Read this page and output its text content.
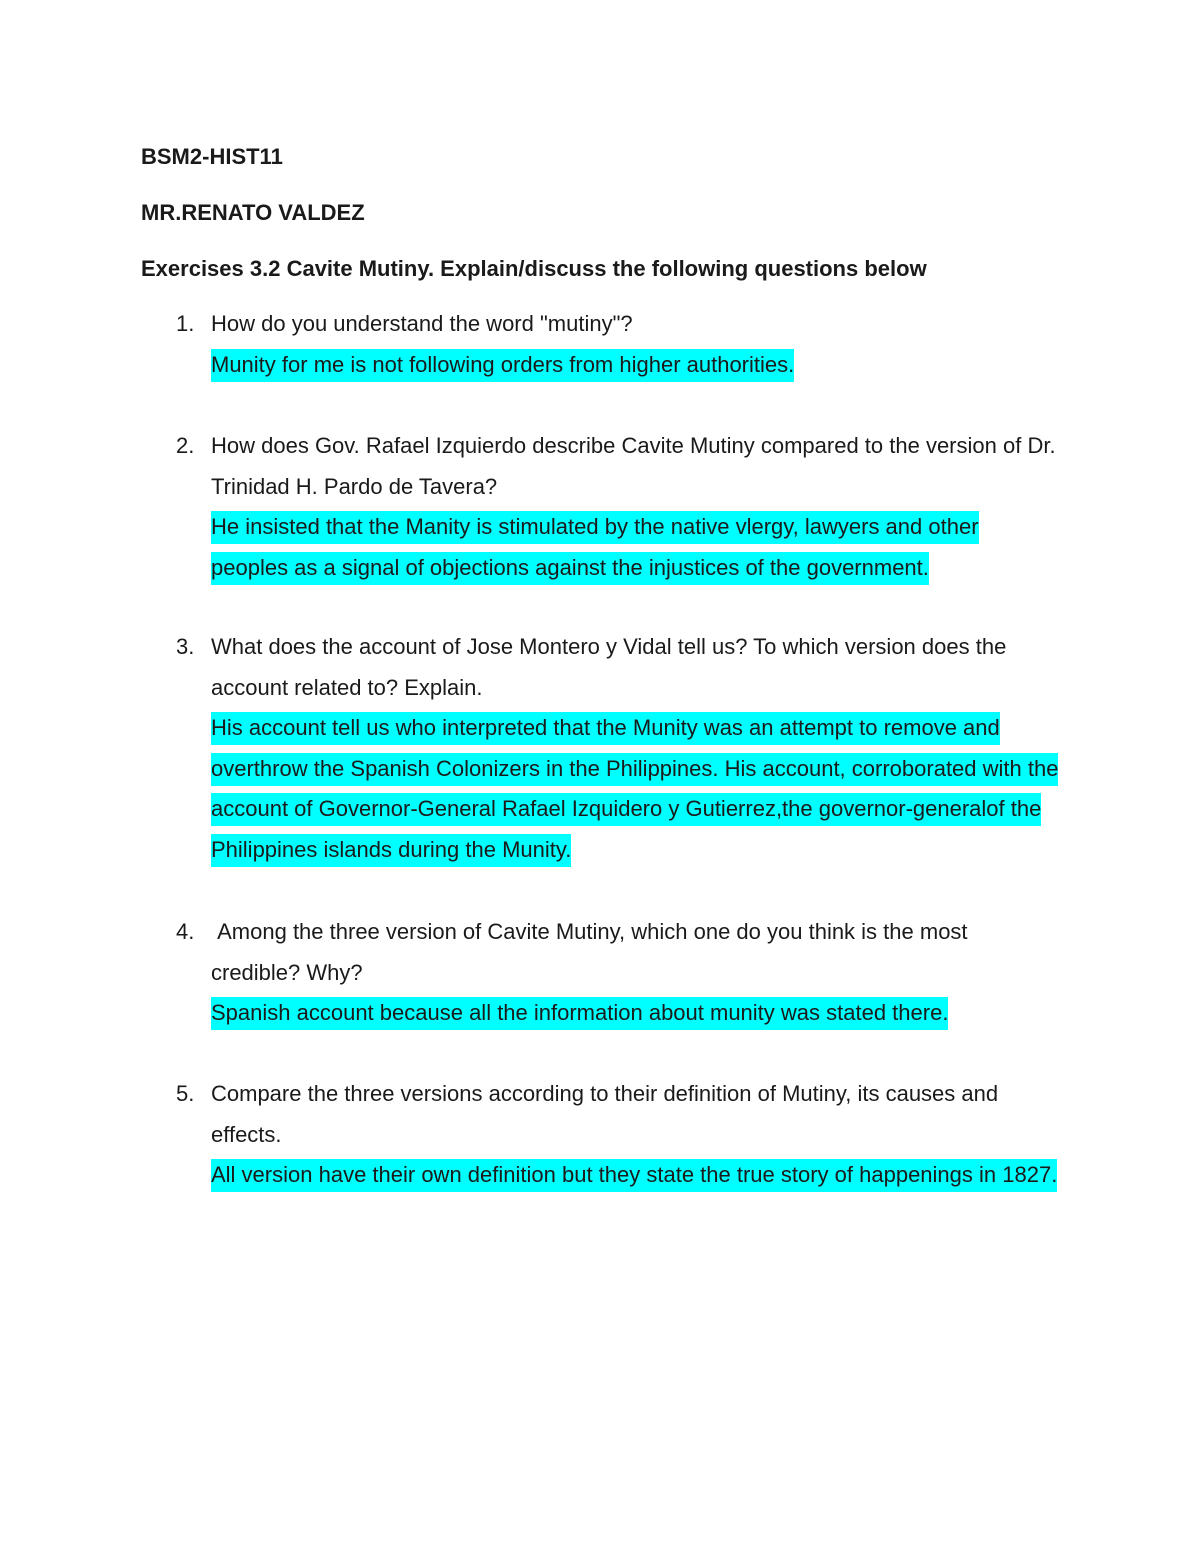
BSM2-HIST11
MR.RENATO VALDEZ
Exercises 3.2 Cavite Mutiny. Explain/discuss the following questions below
1. How do you understand the word "mutiny"?
Munity for me is not following orders from higher authorities.
2. How does Gov. Rafael Izquierdo describe Cavite Mutiny compared to the version of Dr. Trinidad H. Pardo de Tavera?
He insisted that the Manity is stimulated by the native vlergy, lawyers and other peoples as a signal of objections against the injustices of the government.
3. What does the account of Jose Montero y Vidal tell us? To which version does the account related to? Explain.
His account tell us who interpreted that the Munity was an attempt to remove and overthrow the Spanish Colonizers in the Philippines. His account, corroborated with the account of Governor-General Rafael Izquidero y Gutierrez,the governor-generalof the Philippines islands during the Munity.
4. Among the three version of Cavite Mutiny, which one do you think is the most credible? Why?
Spanish account because all the information about munity was stated there.
5. Compare the three versions according to their definition of Mutiny, its causes and effects.
All version have their own definition but they state the true story of happenings in 1827.
